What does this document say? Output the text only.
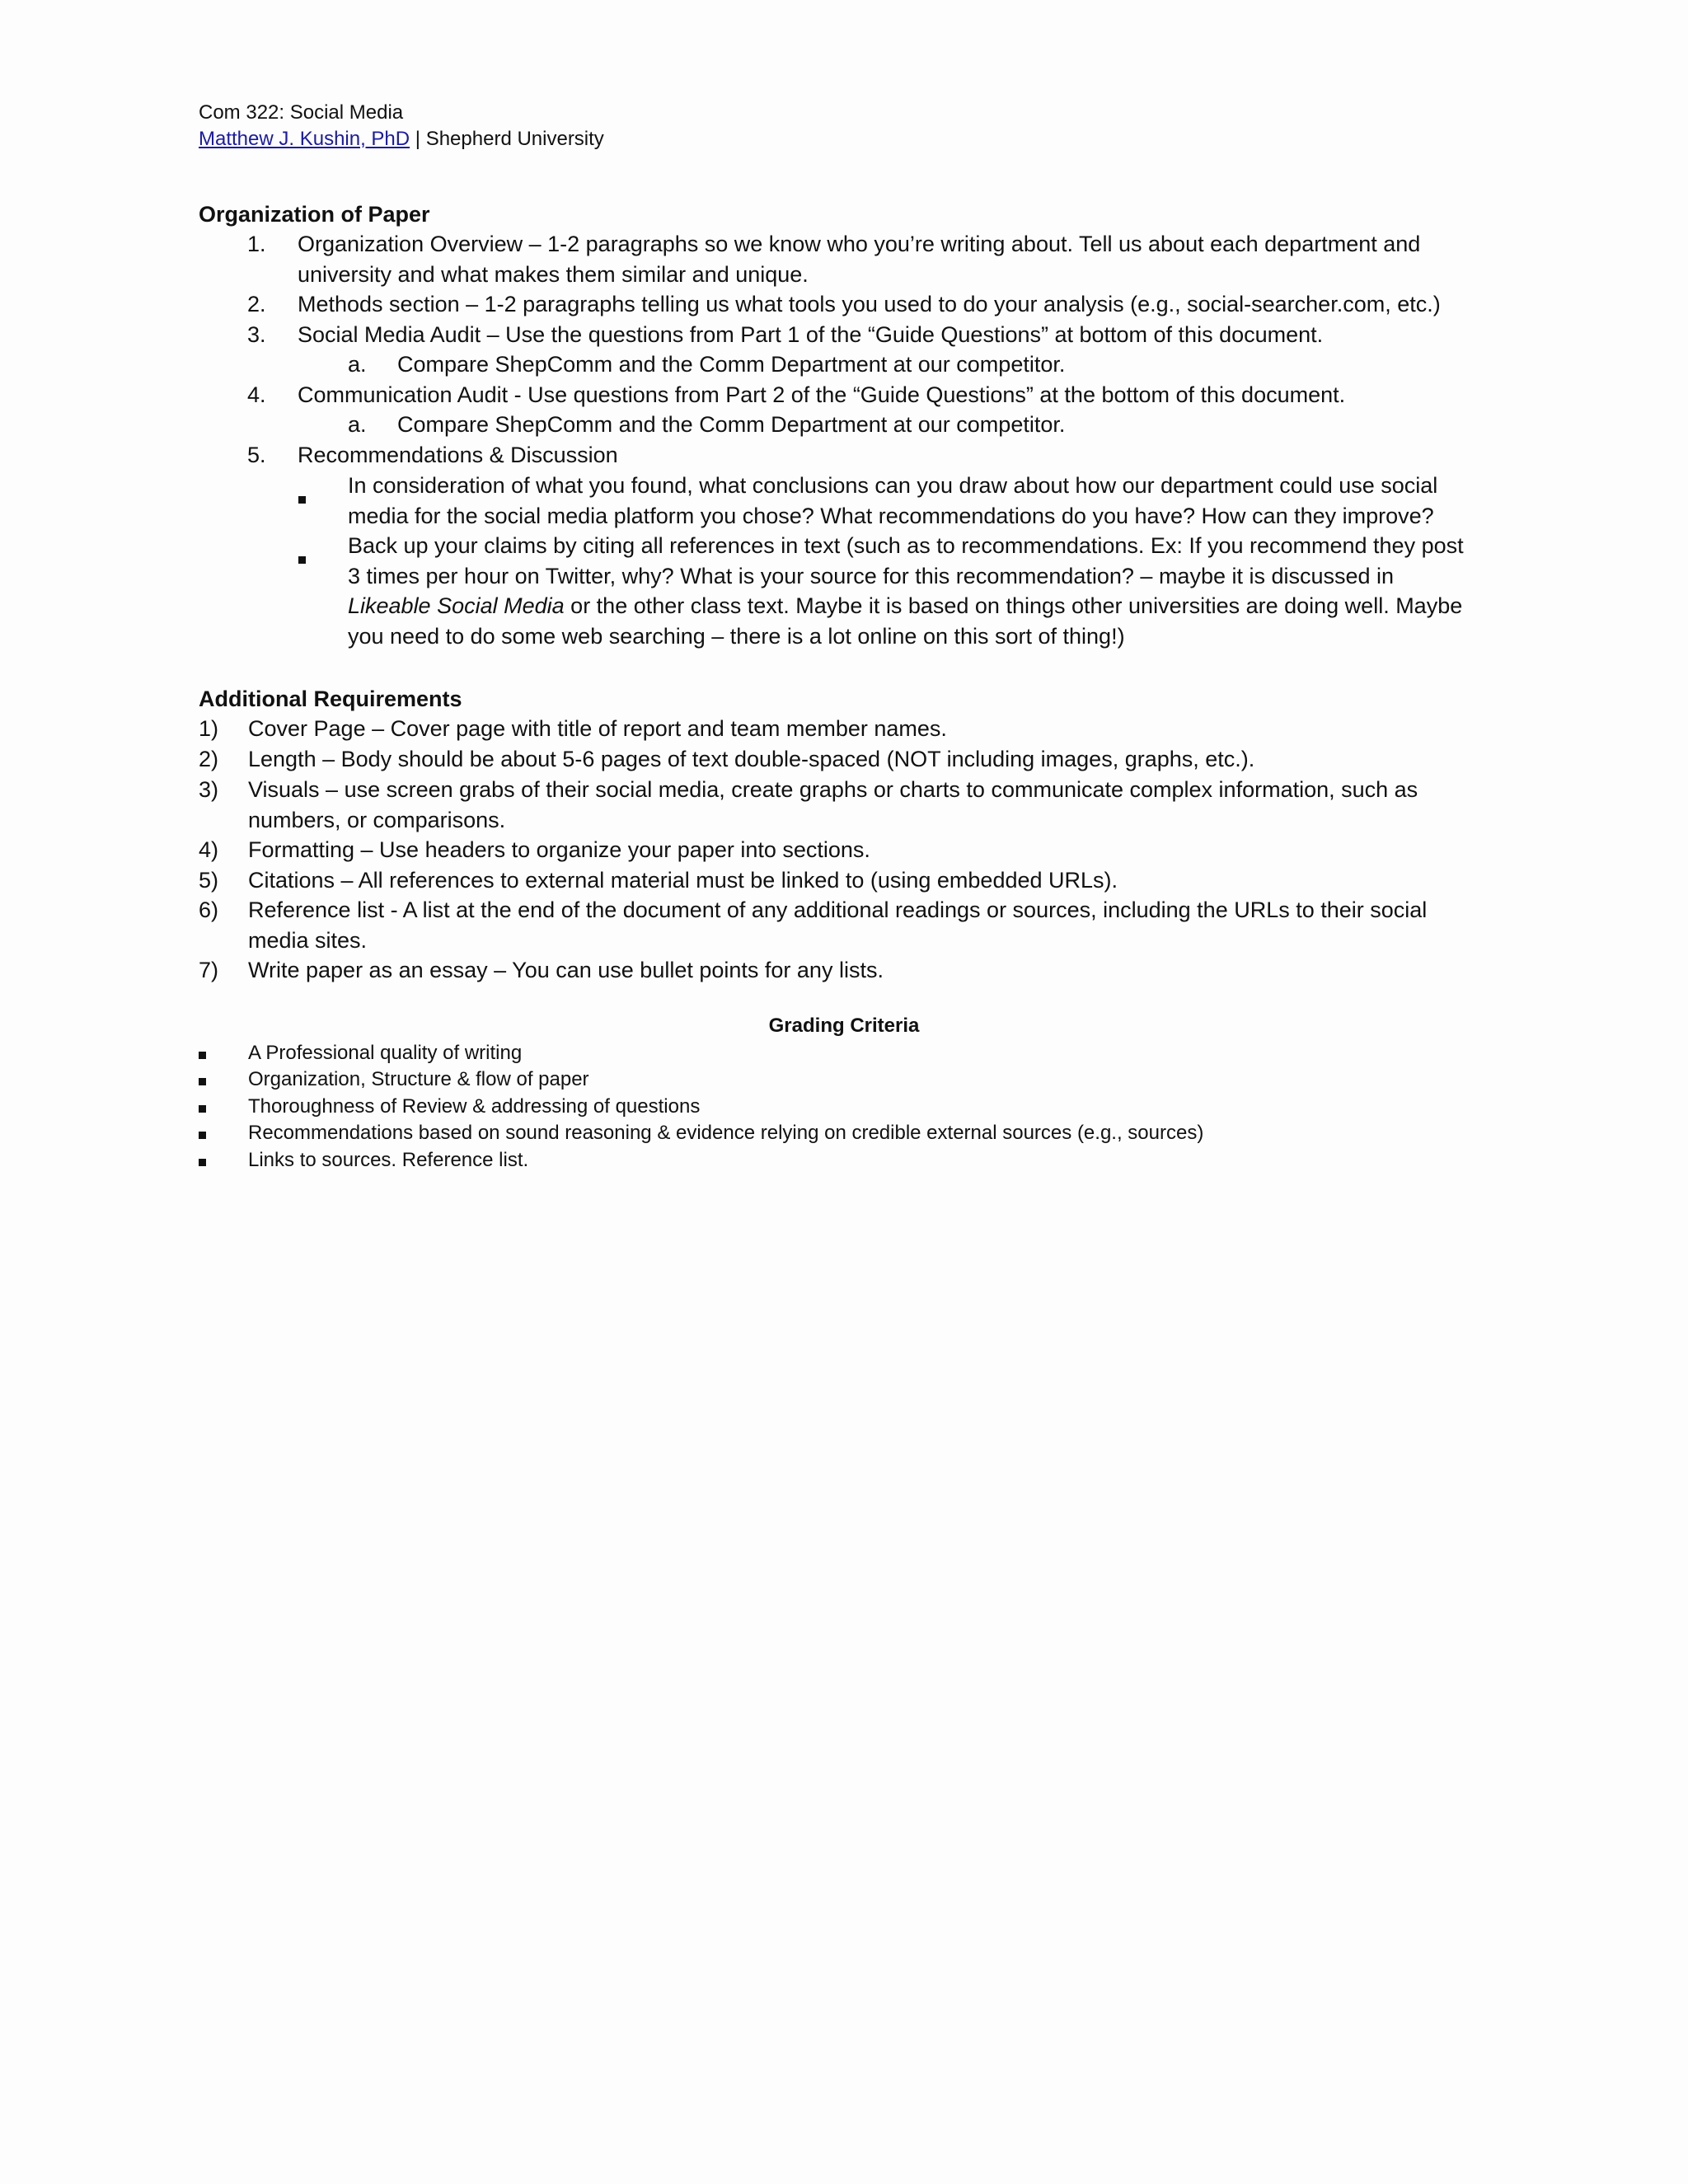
Com 322: Social Media
Matthew J. Kushin, PhD | Shepherd University
Organization of Paper
1. Organization Overview – 1-2 paragraphs so we know who you’re writing about. Tell us about each department and
university and what makes them similar and unique.
2. Methods section – 1-2 paragraphs telling us what tools you used to do your analysis (e.g., social-searcher.com, etc.)
3. Social Media Audit – Use the questions from Part 1 of the “Guide Questions” at bottom of this document.
a. Compare ShepComm and the Comm Department at our competitor.
4. Communication Audit - Use questions from Part 2 of the “Guide Questions” at the bottom of this document.
a. Compare ShepComm and the Comm Department at our competitor.
5. Recommendations & Discussion
In consideration of what you found, what conclusions can you draw about how our department could use social
media for the social media platform you chose? What recommendations do you have? How can they improve?
Back up your claims by citing all references in text (such as to recommendations. Ex: If you recommend they post
3 times per hour on Twitter, why? What is your source for this recommendation? – maybe it is discussed in
Likeable Social Media or the other class text. Maybe it is based on things other universities are doing well. Maybe
you need to do some web searching – there is a lot online on this sort of thing!)
Additional Requirements
1) Cover Page – Cover page with title of report and team member names.
2) Length – Body should be about 5-6 pages of text double-spaced (NOT including images, graphs, etc.).
3) Visuals – use screen grabs of their social media, create graphs or charts to communicate complex information, such as
numbers, or comparisons.
4) Formatting – Use headers to organize your paper into sections.
5) Citations – All references to external material must be linked to (using embedded URLs).
6) Reference list - A list at the end of the document of any additional readings or sources, including the URLs to their social
media sites.
7) Write paper as an essay – You can use bullet points for any lists.
Grading Criteria
A Professional quality of writing
Organization, Structure & flow of paper
Thoroughness of Review & addressing of questions
Recommendations based on sound reasoning & evidence relying on credible external sources (e.g., sources)
Links to sources. Reference list.
